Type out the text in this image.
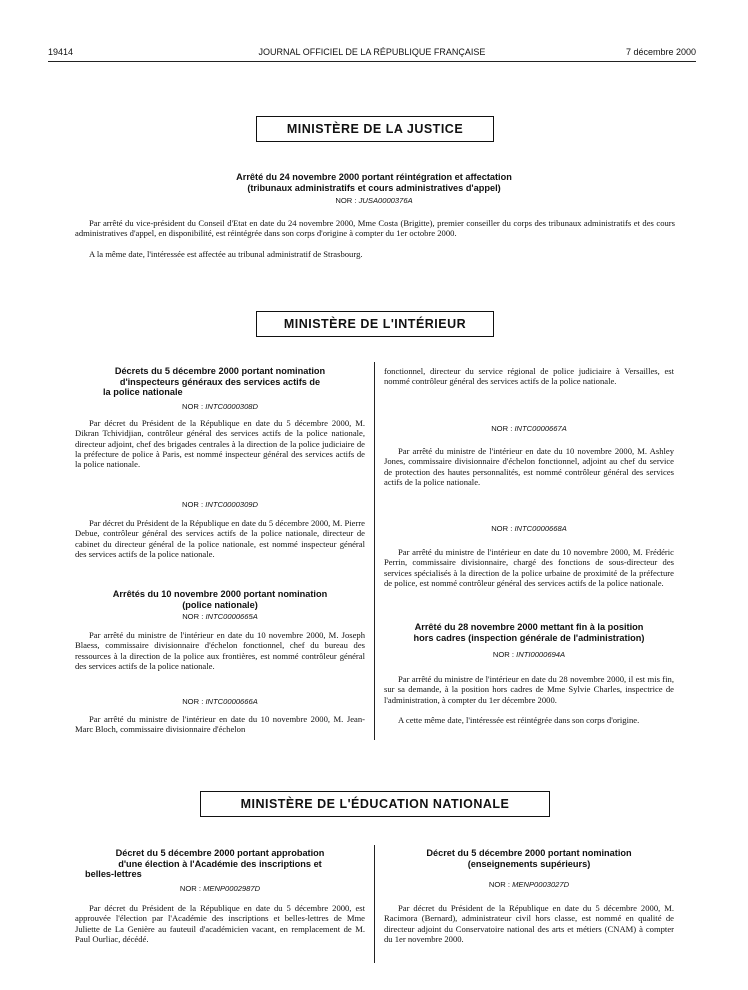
19414	JOURNAL OFFICIEL DE LA RÉPUBLIQUE FRANÇAISE	7 décembre 2000
MINISTÈRE DE LA JUSTICE
Arrêté du 24 novembre 2000 portant réintégration et affectation
(tribunaux administratifs et cours administratives d'appel)
NOR : JUSA0000376A

Par arrêté du vice-président du Conseil d'Etat en date du 24 novembre 2000, Mme Costa (Brigitte), premier conseiller du corps des tribunaux administratifs et des cours administratives d'appel, en disponibilité, est réintégrée dans son corps d'origine à compter du 1er octobre 2000.

A la même date, l'intéressée est affectée au tribunal administratif de Strasbourg.

MINISTÈRE DE L'INTÉRIEUR
Décrets du 5 décembre 2000 portant nomination
d'inspecteurs généraux des services actifs de
la police nationale
NOR : INTC0000308D

Par décret du Président de la République en date du 5 décembre 2000, M. Dikran Tchividjian, contrôleur général des services actifs de la police nationale, directeur adjoint, chef des brigades centrales à la direction de la police judiciaire de la préfecture de police à Paris, est nommé inspecteur général des services actifs de la police nationale.

NOR : INTC0000309D

Par décret du Président de la République en date du 5 décembre 2000, M. Pierre Debue, contrôleur général des services actifs de la police nationale, directeur de cabinet du directeur général de la police nationale, est nommé inspecteur général des services actifs de la police nationale.

Arrêtés du 10 novembre 2000 portant nomination
(police nationale)
NOR : INTC0000665A

Par arrêté du ministre de l'intérieur en date du 10 novembre 2000, M. Joseph Blaess, commissaire divisionnaire d'échelon fonctionnel, chef du bureau des ressources à la direction de la police aux frontières, est nommé contrôleur général des services actifs de la police nationale.

NOR : INTC0000666A

Par arrêté du ministre de l'intérieur en date du 10 novembre 2000, M. Jean-Marc Bloch, commissaire divisionnaire d'échelon

fonctionnel, directeur du service régional de police judiciaire à Versailles, est nommé contrôleur général des services actifs de la police nationale.

NOR : INTC0000667A

Par arrêté du ministre de l'intérieur en date du 10 novembre 2000, M. Ashley Jones, commissaire divisionnaire d'échelon fonctionnel, adjoint au chef du service de protection des hautes personnalités, est nommé contrôleur général des services actifs de la police nationale.

NOR : INTC0000668A

Par arrêté du ministre de l'intérieur en date du 10 novembre 2000, M. Frédéric Perrin, commissaire divisionnaire, chargé des fonctions de sous-directeur des services spécialisés à la direction de la police urbaine de proximité de la préfecture de police, est nommé contrôleur général des services actifs de la police nationale.

Arrêté du 28 novembre 2000 mettant fin à la position
hors cadres (inspection générale de l'administration)
NOR : INTI0000694A

Par arrêté du ministre de l'intérieur en date du 28 novembre 2000, il est mis fin, sur sa demande, à la position hors cadres de Mme Sylvie Charles, inspectrice de l'administration, à compter du 1er décembre 2000.

A cette même date, l'intéressée est réintégrée dans son corps d'origine.

MINISTÈRE DE L'ÉDUCATION NATIONALE
Décret du 5 décembre 2000 portant approbation
d'une élection à l'Académie des inscriptions et
belles-lettres
NOR : MENP0002987D

Par décret du Président de la République en date du 5 décembre 2000, est approuvée l'élection par l'Académie des inscriptions et belles-lettres de Mme Juliette de La Genière au fauteuil d'académicien vacant, en remplacement de M. Paul Ourliac, décédé.

Décret du 5 décembre 2000 portant nomination
(enseignements supérieurs)
NOR : MENP0003027D

Par décret du Président de la République en date du 5 décembre 2000, M. Racimora (Bernard), administrateur civil hors classe, est nommé en qualité de directeur adjoint du Conservatoire national des arts et métiers (CNAM) à compter du 1er novembre 2000.
